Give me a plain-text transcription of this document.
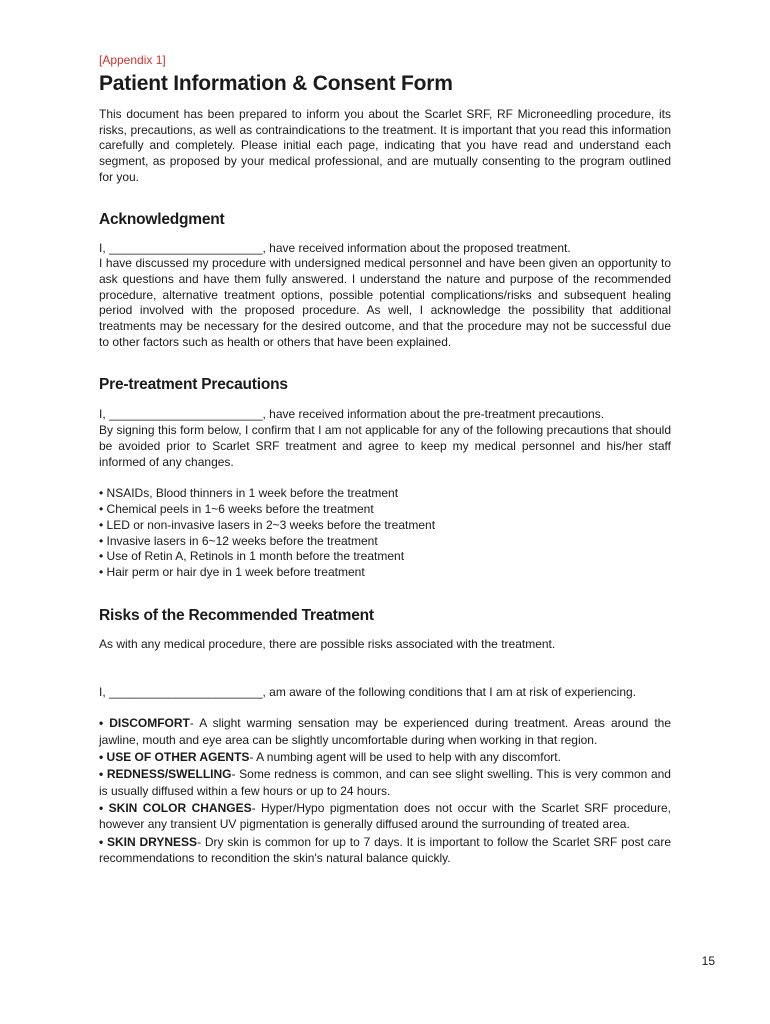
[Appendix 1]
Patient Information & Consent Form

This document has been prepared to inform you about the Scarlet SRF, RF Microneedling procedure, its risks, precautions, as well as contraindications to the treatment. It is important that you read this information carefully and completely. Please initial each page, indicating that you have read and understand each segment, as proposed by your medical professional, and are mutually consenting to the program outlined for you.

Acknowledgment

I, _______________________, have received information about the proposed treatment.

I have discussed my procedure with undersigned medical personnel and have been given an opportunity to ask questions and have them fully answered. I understand the nature and purpose of the recommended procedure, alternative treatment options, possible potential complications/risks and subsequent healing period involved with the proposed procedure. As well, I acknowledge the possibility that additional treatments may be necessary for the desired outcome, and that the procedure may not be successful due to other factors such as health or others that have been explained.

Pre-treatment Precautions

I, _______________________, have received information about the pre-treatment precautions.

By signing this form below, I confirm that I am not applicable for any of the following precautions that should be avoided prior to Scarlet SRF treatment and agree to keep my medical personnel and his/her staff informed of any changes.

• NSAIDs, Blood thinners in 1 week before the treatment
• Chemical peels in 1~6 weeks before the treatment
• LED or non-invasive lasers in 2~3 weeks before the treatment
• Invasive lasers in 6~12 weeks before the treatment
• Use of Retin A, Retinols in 1 month before the treatment
• Hair perm or hair dye in 1 week before treatment
Risks of the Recommended Treatment

As with any medical procedure, there are possible risks associated with the treatment.

I, _______________________, am aware of the following conditions that I am at risk of experiencing.

• DISCOMFORT- A slight warming sensation may be experienced during treatment. Areas around the jawline, mouth and eye area can be slightly uncomfortable during when working in that region.

• USE OF OTHER AGENTS- A numbing agent will be used to help with any discomfort.

• REDNESS/SWELLING- Some redness is common, and can see slight swelling. This is very common and is usually diffused within a few hours or up to 24 hours.

• SKIN COLOR CHANGES- Hyper/Hypo pigmentation does not occur with the Scarlet SRF procedure, however any transient UV pigmentation is generally diffused around the surrounding of treated area.

• SKIN DRYNESS- Dry skin is common for up to 7 days. It is important to follow the Scarlet SRF post care recommendations to recondition the skin's natural balance quickly.

15
